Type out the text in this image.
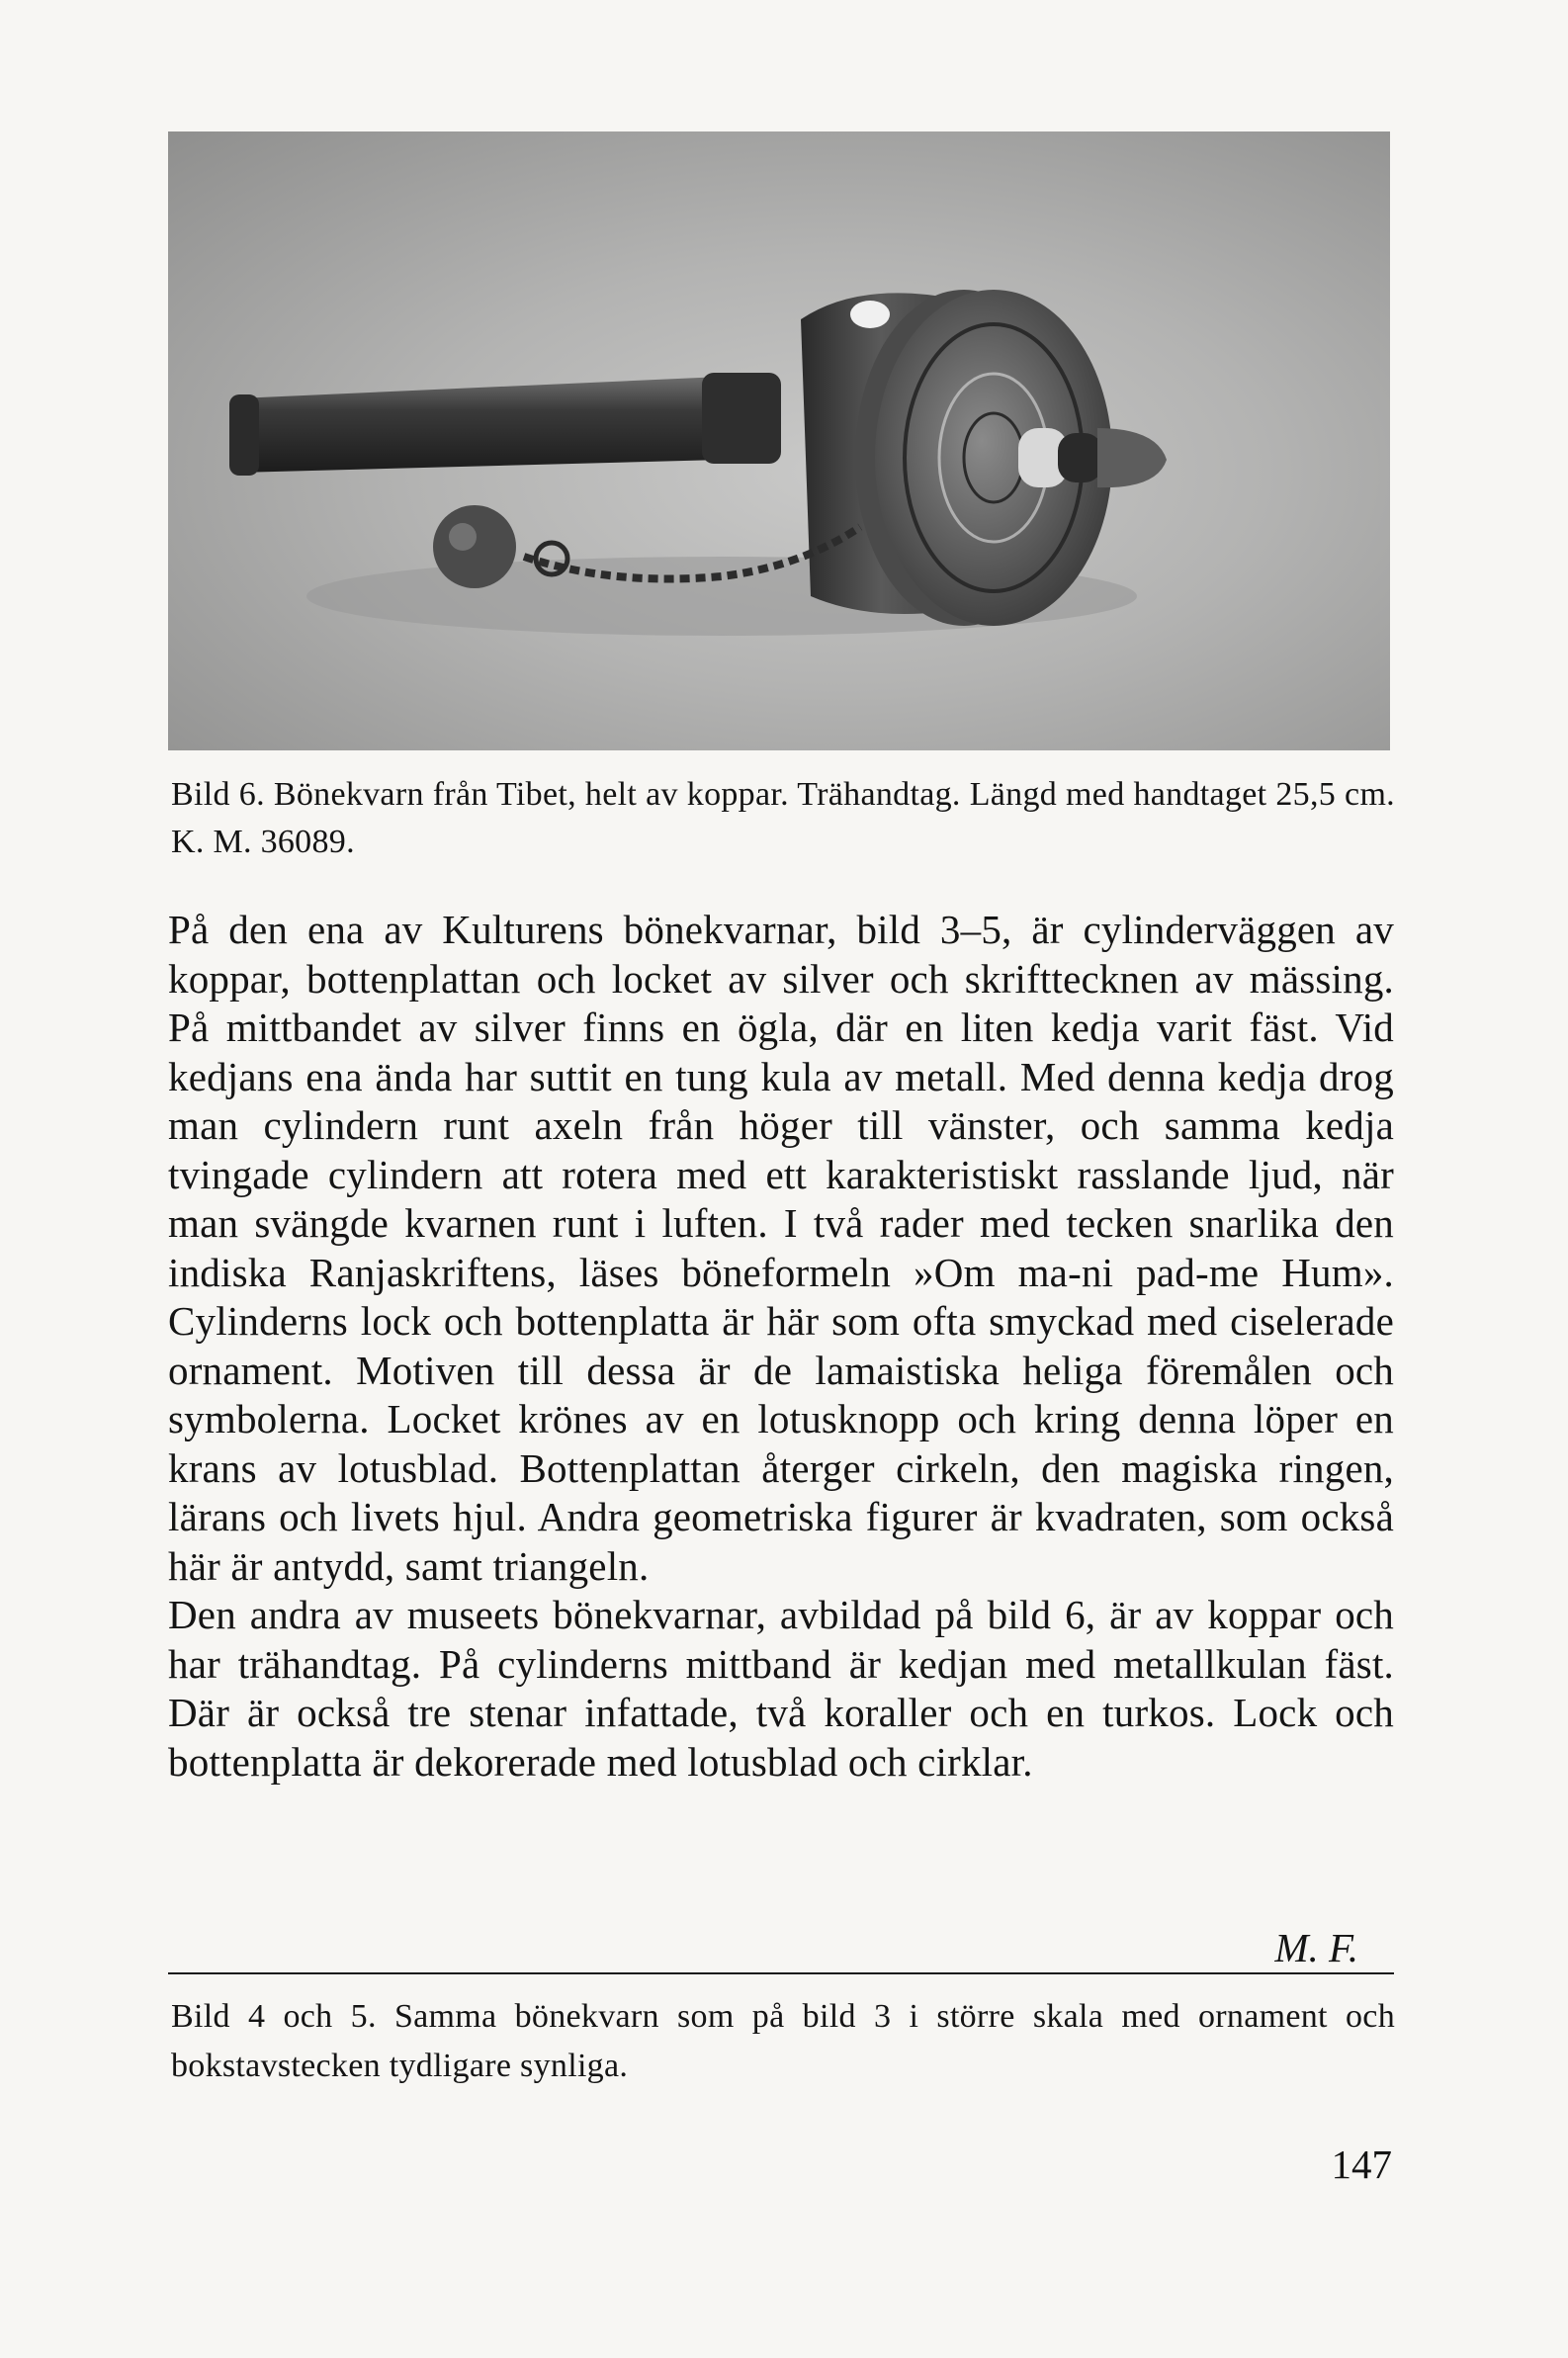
Bild 6. Bönekvarn från Tibet, helt av koppar. Trähandtag. Längd med handtaget 25,5 cm. K. M. 36089.

På den ena av Kulturens bönekvarnar, bild 3–5, är cylinderväggen av koppar, bottenplattan och locket av silver och skrifttecknen av mässing. På mittbandet av silver finns en ögla, där en liten kedja varit fäst. Vid kedjans ena ända har suttit en tung kula av metall. Med denna kedja drog man cylindern runt axeln från höger till vänster, och samma kedja tvingade cylindern att rotera med ett karakteristiskt rasslande ljud, när man svängde kvarnen runt i luften. I två rader med tecken snarlika den indiska Ranjaskriftens, läses böneformeln »Om ma-ni pad-me Hum». Cylinderns lock och bottenplatta är här som ofta smyckad med ciselerade ornament. Motiven till dessa är de lamaistiska heliga föremålen och symbolerna. Locket krönes av en lotusknopp och kring denna löper en krans av lotusblad. Bottenplattan återger cirkeln, den magiska ringen, lärans och livets hjul. Andra geometriska figurer är kvadraten, som också här är antydd, samt triangeln.

Den andra av museets bönekvarnar, avbildad på bild 6, är av koppar och har trähandtag. På cylinderns mittband är kedjan med metallkulan fäst. Där är också tre stenar infattade, två koraller och en turkos. Lock och bottenplatta är dekorerade med lotusblad och cirklar.

M. F.
Bild 4 och 5. Samma bönekvarn som på bild 3 i större skala med ornament och bokstavstecken tydligare synliga.
147
